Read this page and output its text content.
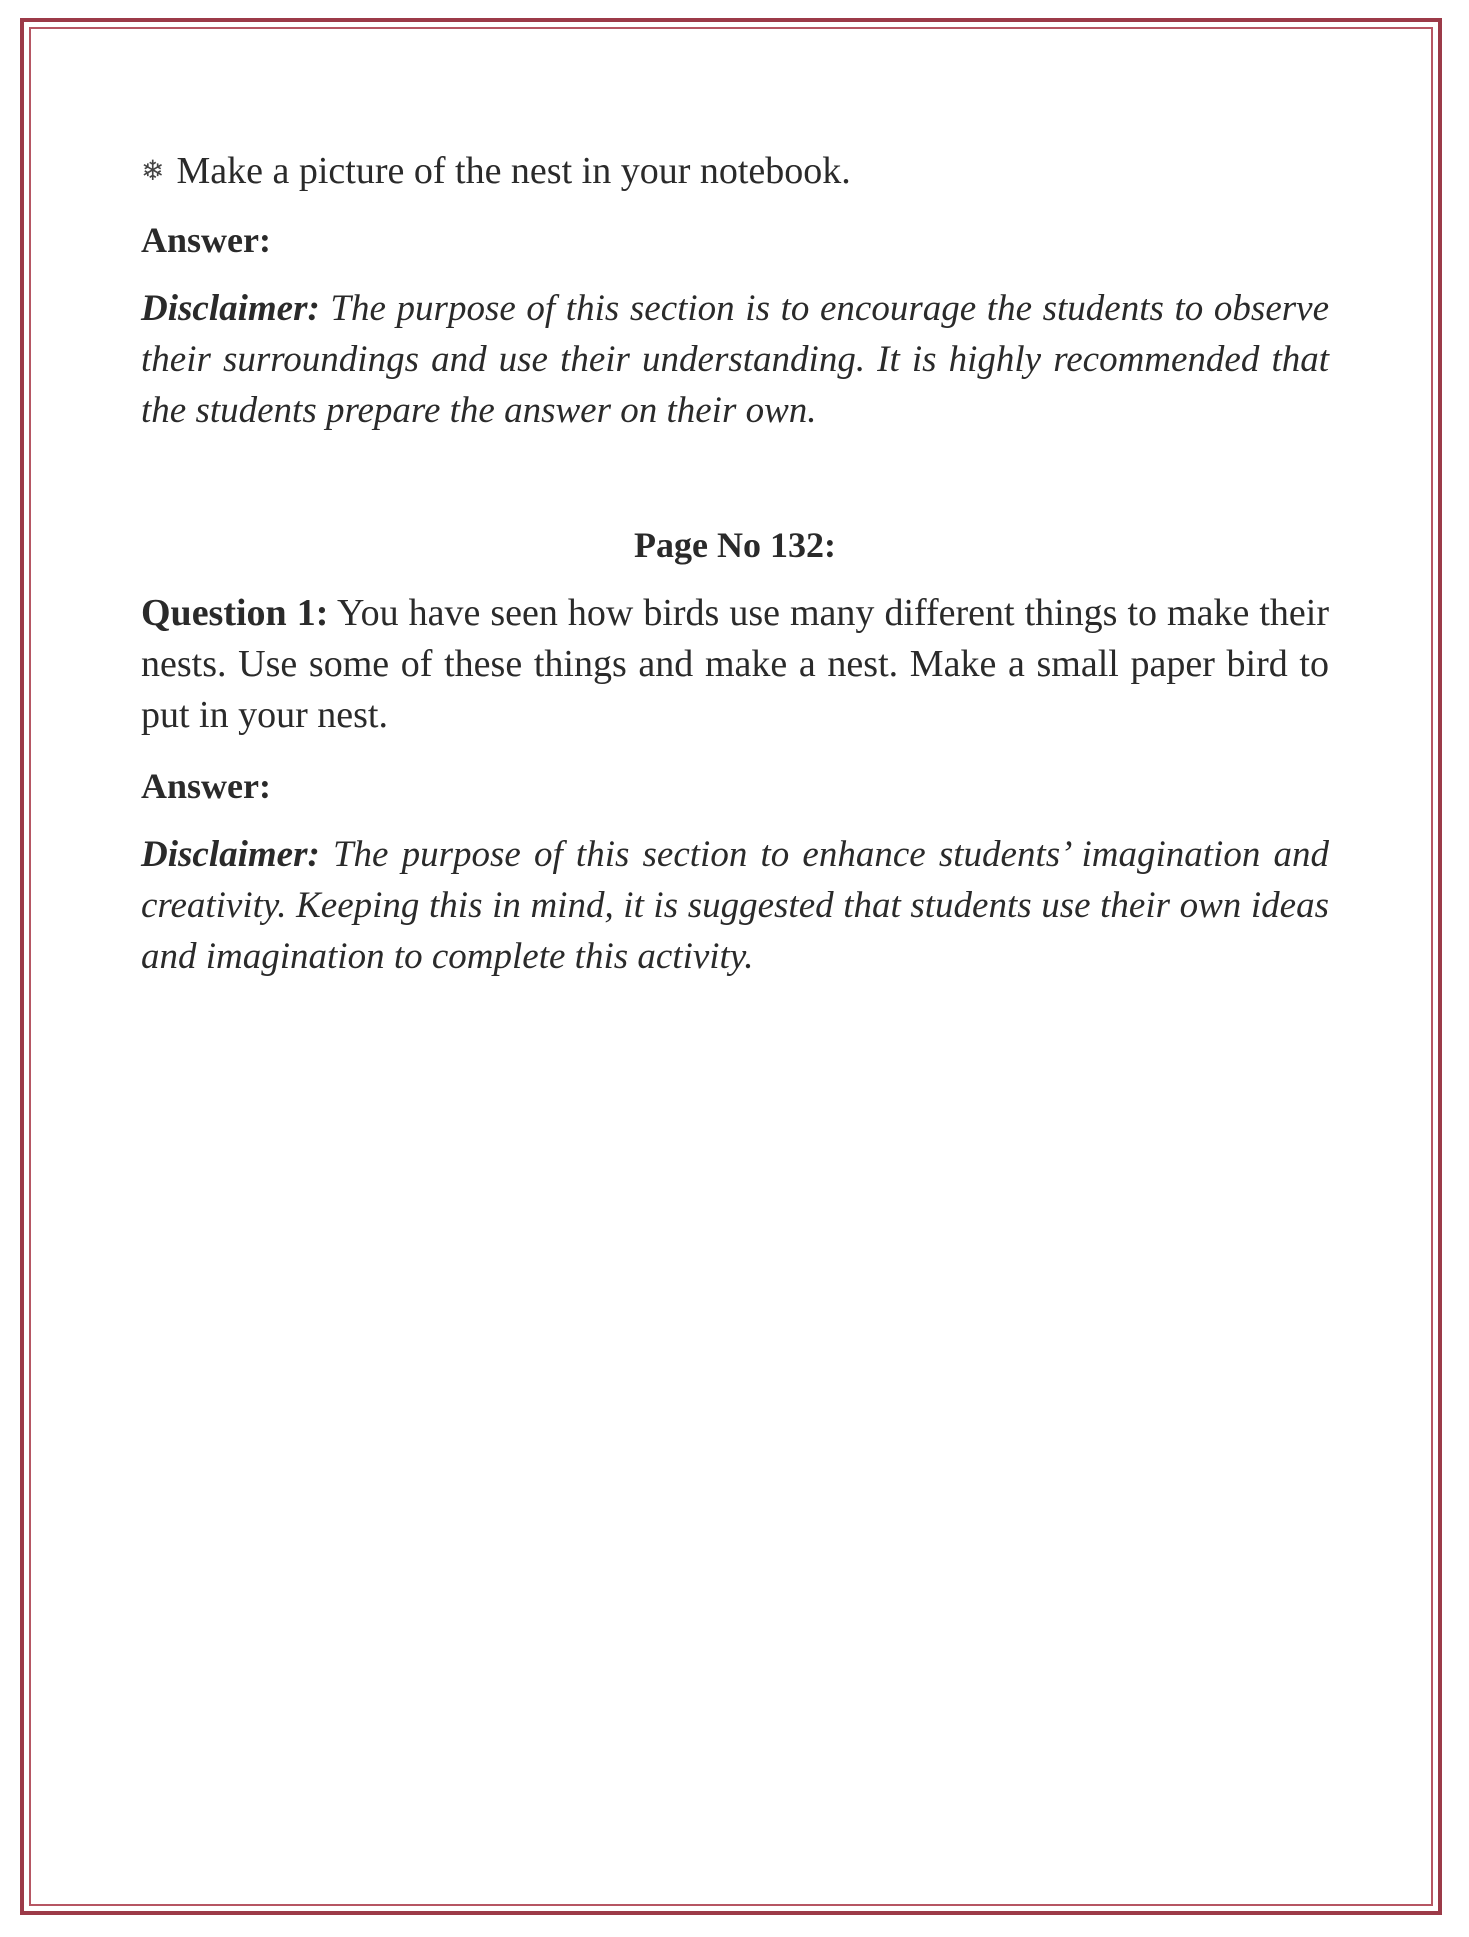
❄ Make a picture of the nest in your notebook.

Answer:

Disclaimer: The purpose of this section is to encourage the students to observe their surroundings and use their understanding. It is highly recommended that the students prepare the answer on their own.

Page No 132:

Question 1: You have seen how birds use many different things to make their nests. Use some of these things and make a nest. Make a small paper bird to put in your nest.

Answer:

Disclaimer: The purpose of this section to enhance students’ imagination and creativity. Keeping this in mind, it is suggested that students use their own ideas and imagination to complete this activity.
